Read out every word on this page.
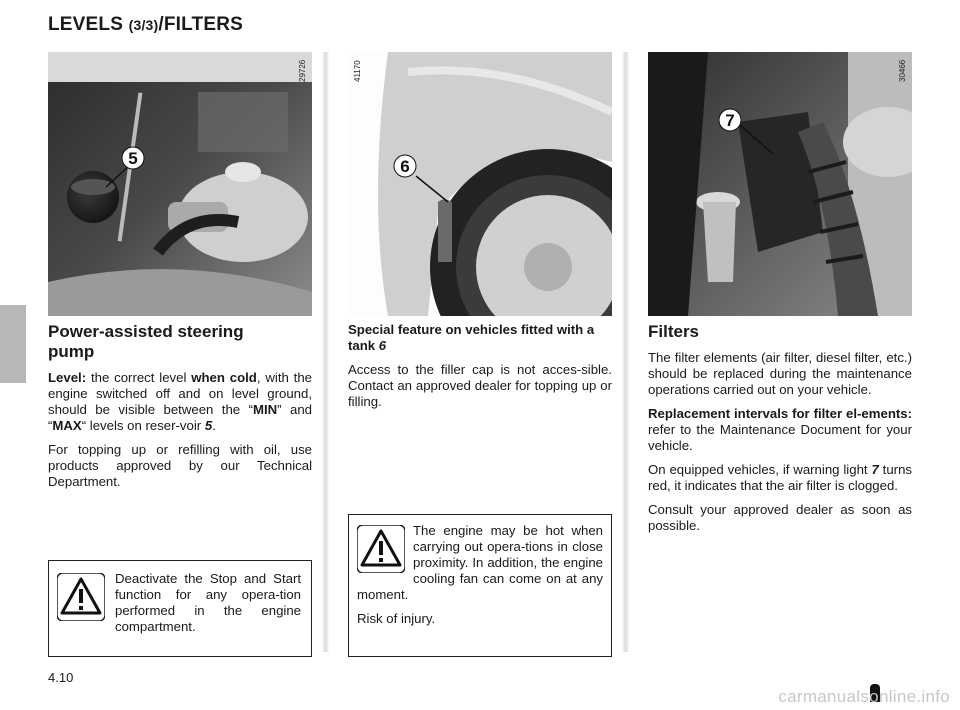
LEVELS (3/3)/FILTERS
5
29726
6
41170
7
30466
Power-assisted steering pump

Level: the correct level when cold, with the engine switched off and on level ground, should be visible between the “MIN” and “MAX“ levels on reser-voir 5.

For topping up or refilling with oil, use products approved by our Technical Department.

Deactivate the Stop and Start function for any opera-tion performed in the engine compartment.

Special feature on vehicles fitted with a tank 6

Access to the filler cap is not acces-sible. Contact an approved dealer for topping up or filling.

The engine may be hot when carrying out opera-tions in close proximity. In addition, the engine cooling fan can come on at any moment.

Risk of injury.

Filters

The filter elements (air filter, diesel filter, etc.) should be replaced during the maintenance operations carried out on your vehicle.

Replacement intervals for filter el-ements: refer to the Maintenance Document for your vehicle.

On equipped vehicles, if warning light 7 turns red, it indicates that the air filter is clogged.

Consult your approved dealer as soon as possible.

4.10
carmanualsonline.info
